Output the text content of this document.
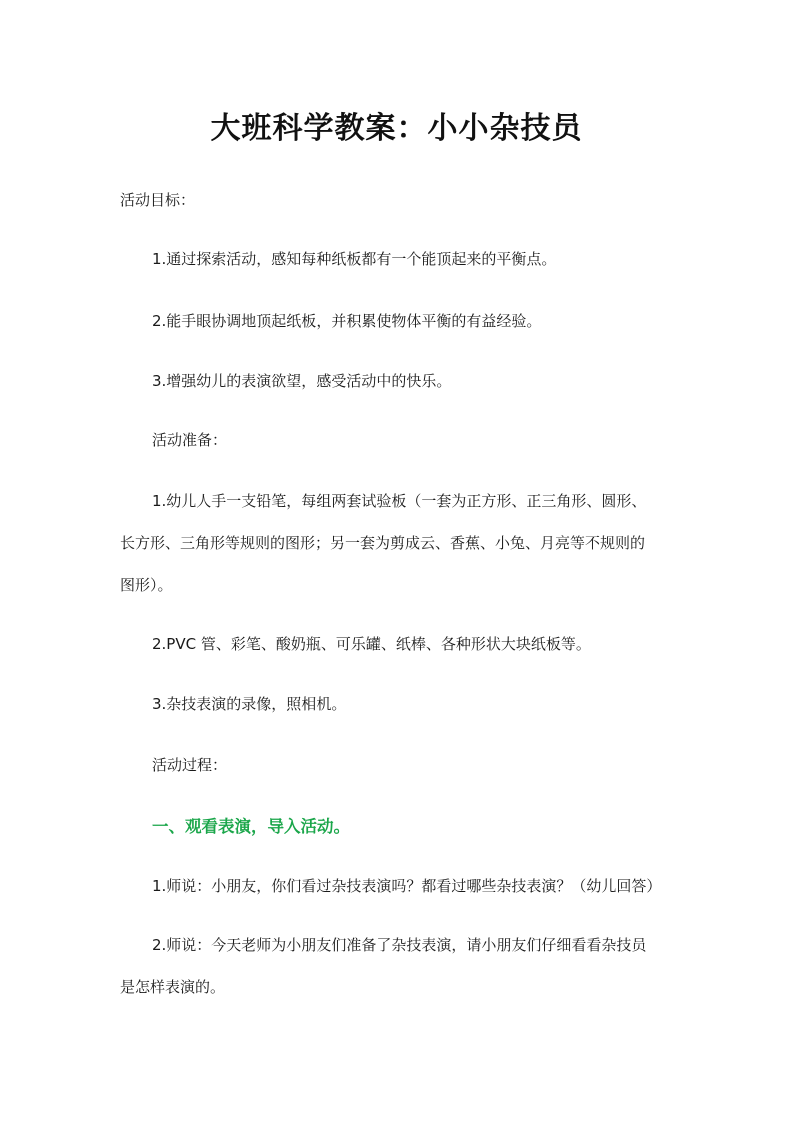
大班科学教案：小小杂技员
活动目标：
1.通过探索活动，感知每种纸板都有一个能顶起来的平衡点。
2.能手眼协调地顶起纸板，并积累使物体平衡的有益经验。
3.增强幼儿的表演欲望，感受活动中的快乐。
活动准备：
1.幼儿人手一支铅笔，每组两套试验板（一套为正方形、正三角形、圆形、
长方形、三角形等规则的图形；另一套为剪成云、香蕉、小兔、月亮等不规则的
图形）。
2.PVC 管、彩笔、酸奶瓶、可乐罐、纸棒、各种形状大块纸板等。
3.杂技表演的录像，照相机。
活动过程：
一、观看表演，导入活动。
1.师说：小朋友，你们看过杂技表演吗？都看过哪些杂技表演？（幼儿回答）
2.师说：今天老师为小朋友们准备了杂技表演，请小朋友们仔细看看杂技员
是怎样表演的。
